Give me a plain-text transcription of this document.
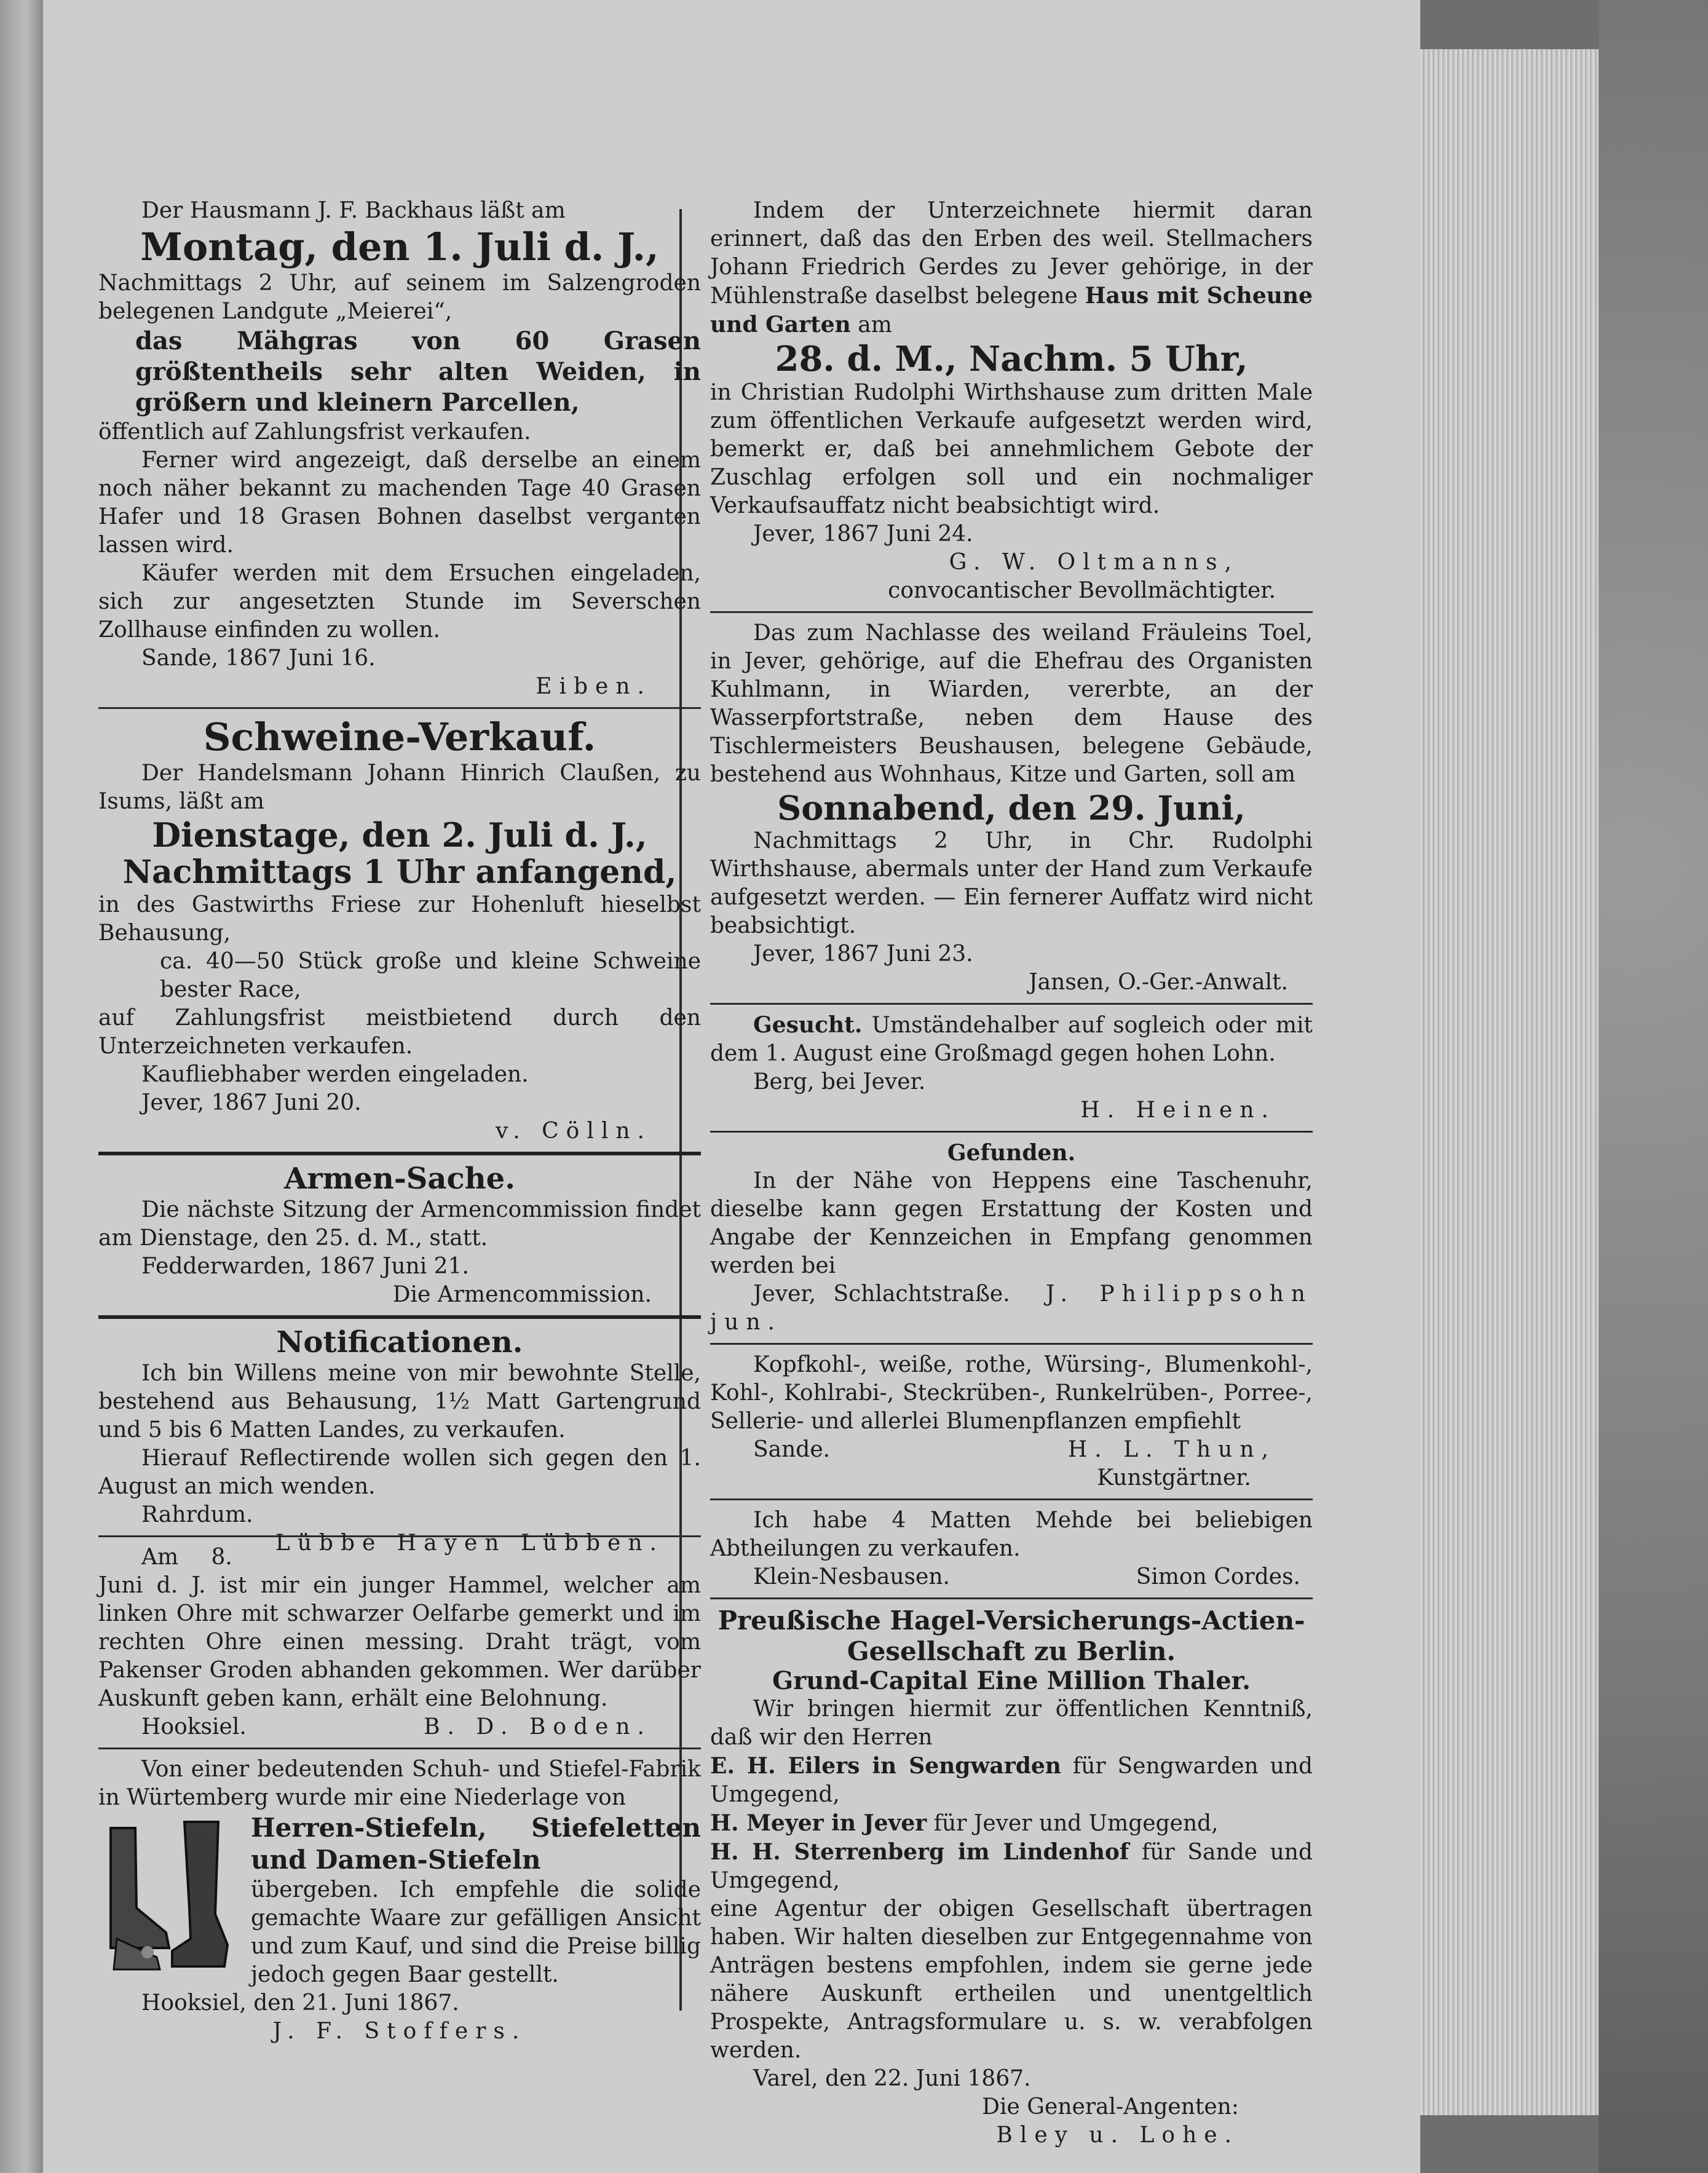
Der Hausmann J. F. Backhaus läßt am

Montag, den 1. Juli d. J.,

Nachmittags 2 Uhr, auf seinem im Salzengroden belegenen Landgute „Meierei“,

das Mähgras von 60 Grasen größtentheils sehr alten Weiden, in größern und kleinern Parcellen,

öffentlich auf Zahlungsfrist verkaufen.

Ferner wird angezeigt, daß derselbe an einem noch näher bekannt zu machenden Tage 40 Grasen Hafer und 18 Grasen Bohnen daselbst verganten lassen wird.

Käufer werden mit dem Ersuchen eingeladen, sich zur angesetzten Stunde im Severschen Zollhause einfinden zu wollen.

Sande, 1867 Juni 16.

Eiben.

Schweine-Verkauf.

Der Handelsmann Johann Hinrich Claußen, zu Isums, läßt am

Dienstage, den 2. Juli d. J.,

Nachmittags 1 Uhr anfangend,

in des Gastwirths Friese zur Hohenluft hieselbst Behausung,

ca. 40—50 Stück große und kleine Schweine bester Race,

auf Zahlungsfrist meistbietend durch den Unterzeichneten verkaufen.

Kaufliebhaber werden eingeladen.

Jever, 1867 Juni 20.

v. Cölln.

Armen-Sache.

Die nächste Sitzung der Armencommission findet am Dienstage, den 25. d. M., statt.

Fedderwarden, 1867 Juni 21.

Die Armencommission.

Notificationen.

Ich bin Willens meine von mir bewohnte Stelle, bestehend aus Behausung, 1½ Matt Gartengrund und 5 bis 6 Matten Landes, zu verkaufen.

Hierauf Reflectirende wollen sich gegen den 1. August an mich wenden.

Rahrdum.
Lübbe Hayen Lübben.

Am 8. Juni d. J. ist mir ein junger Hammel, welcher am linken Ohre mit schwarzer Oelfarbe gemerkt und im rechten Ohre einen messing. Draht trägt, vom Pakenser Groden abhanden gekommen. Wer darüber Auskunft geben kann, erhält eine Belohnung.

Hooksiel.	B. D. Boden.

Von einer bedeutenden Schuh- und Stiefel-Fabrik in Würtemberg wurde mir eine Niederlage von

Herren-Stiefeln, Stiefeletten und Damen-Stiefeln

übergeben. Ich empfehle die solide gemachte Waare zur gefälligen Ansicht und zum Kauf, und sind die Preise billig jedoch gegen Baar gestellt.

Hooksiel, den 21. Juni 1867.

J. F. Stoffers.

Indem der Unterzeichnete hiermit daran erinnert, daß das den Erben des weil. Stellmachers Johann Friedrich Gerdes zu Jever gehörige, in der Mühlenstraße daselbst belegene Haus mit Scheune und Garten am

28. d. M., Nachm. 5 Uhr,

in Christian Rudolphi Wirthshause zum dritten Male zum öffentlichen Verkaufe aufgesetzt werden wird, bemerkt er, daß bei annehmlichem Gebote der Zuschlag erfolgen soll und ein nochmaliger Verkaufsauffatz nicht beabsichtigt wird.

Jever, 1867 Juni 24.

G. W. Oltmanns,

convocantischer Bevollmächtigter.

Das zum Nachlasse des weiland Fräuleins Toel, in Jever, gehörige, auf die Ehefrau des Organisten Kuhlmann, in Wiarden, vererbte, an der Wasserpfortstraße, neben dem Hause des Tischlermeisters Beushausen, belegene Gebäude, bestehend aus Wohnhaus, Kitze und Garten, soll am

Sonnabend, den 29. Juni,

Nachmittags 2 Uhr, in Chr. Rudolphi Wirthshause, abermals unter der Hand zum Verkaufe aufgesetzt werden. — Ein fernerer Auffatz wird nicht beabsichtigt.

Jever, 1867 Juni 23.

Jansen, O.-Ger.-Anwalt.

Gesucht. Umständehalber auf sogleich oder mit dem 1. August eine Großmagd gegen hohen Lohn.

Berg, bei Jever.

H. Heinen.

Gefunden.

In der Nähe von Heppens eine Taschenuhr, dieselbe kann gegen Erstattung der Kosten und Angabe der Kennzeichen in Empfang genommen werden bei

Jever, Schlachtstraße. J. Philippsohn jun.

Kopfkohl-, weiße, rothe, Würsing-, Blumenkohl-, Kohl-, Kohlrabi-, Steckrüben-, Runkelrüben-, Porree-, Sellerie- und allerlei Blumenpflanzen empfiehlt

Sande.	H. L. Thun,

Kunstgärtner.

Ich habe 4 Matten Mehde bei beliebigen Abtheilungen zu verkaufen.

Klein-Nesbausen.	Simon Cordes.

Preußische Hagel-Versicherungs-Actien-Gesellschaft zu Berlin.

Grund-Capital Eine Million Thaler.

Wir bringen hiermit zur öffentlichen Kenntniß, daß wir den Herren

E. H. Eilers in Sengwarden für Sengwarden und Umgegend,

H. Meyer in Jever für Jever und Umgegend,

H. H. Sterrenberg im Lindenhof für Sande und Umgegend,

eine Agentur der obigen Gesellschaft übertragen haben. Wir halten dieselben zur Entgegennahme von Anträgen bestens empfohlen, indem sie gerne jede nähere Auskunft ertheilen und unentgeltlich Prospekte, Antragsformulare u. s. w. verabfolgen werden.

Varel, den 22. Juni 1867.

Die General-Angenten:

Bley u. Lohe.
